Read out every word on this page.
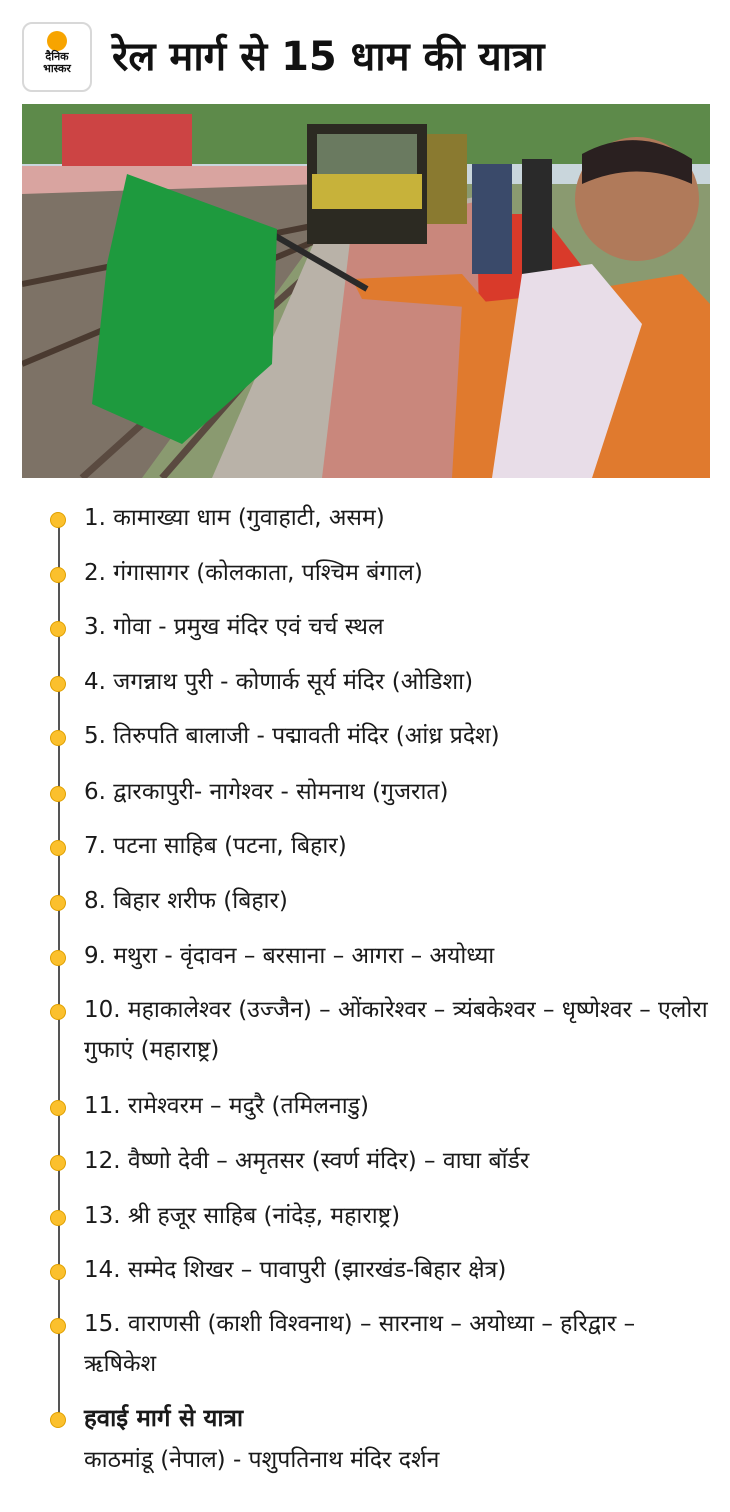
दैनिक
भास्कर	रेल मार्ग से 15 धाम की यात्रा
1. कामाख्या धाम (गुवाहाटी, असम)
2. गंगासागर (कोलकाता, पश्चिम बंगाल)
3. गोवा - प्रमुख मंदिर एवं चर्च स्थल
4. जगन्नाथ पुरी - कोणार्क सूर्य मंदिर (ओडिशा)
5. तिरुपति बालाजी - पद्मावती मंदिर (आंध्र प्रदेश)
6. द्वारकापुरी- नागेश्वर - सोमनाथ (गुजरात)
7. पटना साहिब (पटना, बिहार)
8. बिहार शरीफ (बिहार)
9. मथुरा - वृंदावन – बरसाना – आगरा – अयोध्या
10. महाकालेश्वर (उज्जैन) – ओंकारेश्वर – त्र्यंबकेश्वर – धृष्णेश्वर – एलोरा गुफाएं (महाराष्ट्र)
11. रामेश्वरम – मदुरै (तमिलनाडु)
12. वैष्णो देवी – अमृतसर (स्वर्ण मंदिर) – वाघा बॉर्डर
13. श्री हजूर साहिब (नांदेड़, महाराष्ट्र)
14. सम्मेद शिखर – पावापुरी (झारखंड-बिहार क्षेत्र)
15. वाराणसी (काशी विश्वनाथ) – सारनाथ – अयोध्या – हरिद्वार – ऋषिकेश
हवाई मार्ग से यात्रा
काठमांडू (नेपाल) - पशुपतिनाथ मंदिर दर्शन
